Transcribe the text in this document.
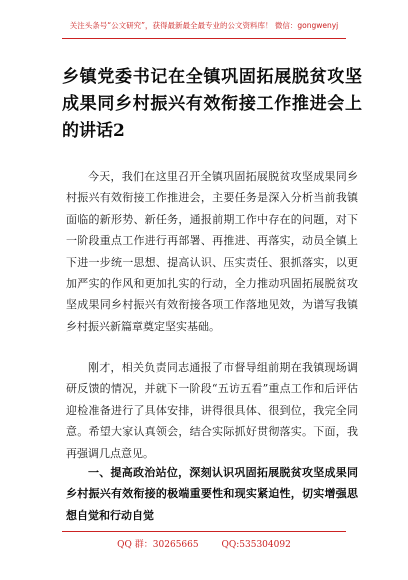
关注头条号“公文研究”，获得最新最全最专业的公文资料库！ 微信：gongwenyj
乡镇党委书记在全镇巩固拓展脱贫攻坚成果同乡村振兴有效衔接工作推进会上的讲话2

今天，我们在这里召开全镇巩固拓展脱贫攻坚成果同乡村振兴有效衔接工作推进会，主要任务是深入分析当前我镇面临的新形势、新任务，通报前期工作中存在的问题，对下一阶段重点工作进行再部署、再推进、再落实，动员全镇上下进一步统一思想、提高认识、压实责任、狠抓落实，以更加严实的作风和更加扎实的行动，全力推动巩固拓展脱贫攻坚成果同乡村振兴有效衔接各项工作落地见效，为谱写我镇乡村振兴新篇章奠定坚实基础。

刚才，相关负责同志通报了市督导组前期在我镇现场调研反馈的情况，并就下一阶段“五访五看”重点工作和后评估迎检准备进行了具体安排，讲得很具体、很到位，我完全同意。希望大家认真领会，结合实际抓好贯彻落实。下面，我再强调几点意见。

一、提高政治站位，深刻认识巩固拓展脱贫攻坚成果同乡村振兴有效衔接的极端重要性和现实紧迫性，切实增强思想自觉和行动自觉

QQ 群：30265665	QQ:535304092
